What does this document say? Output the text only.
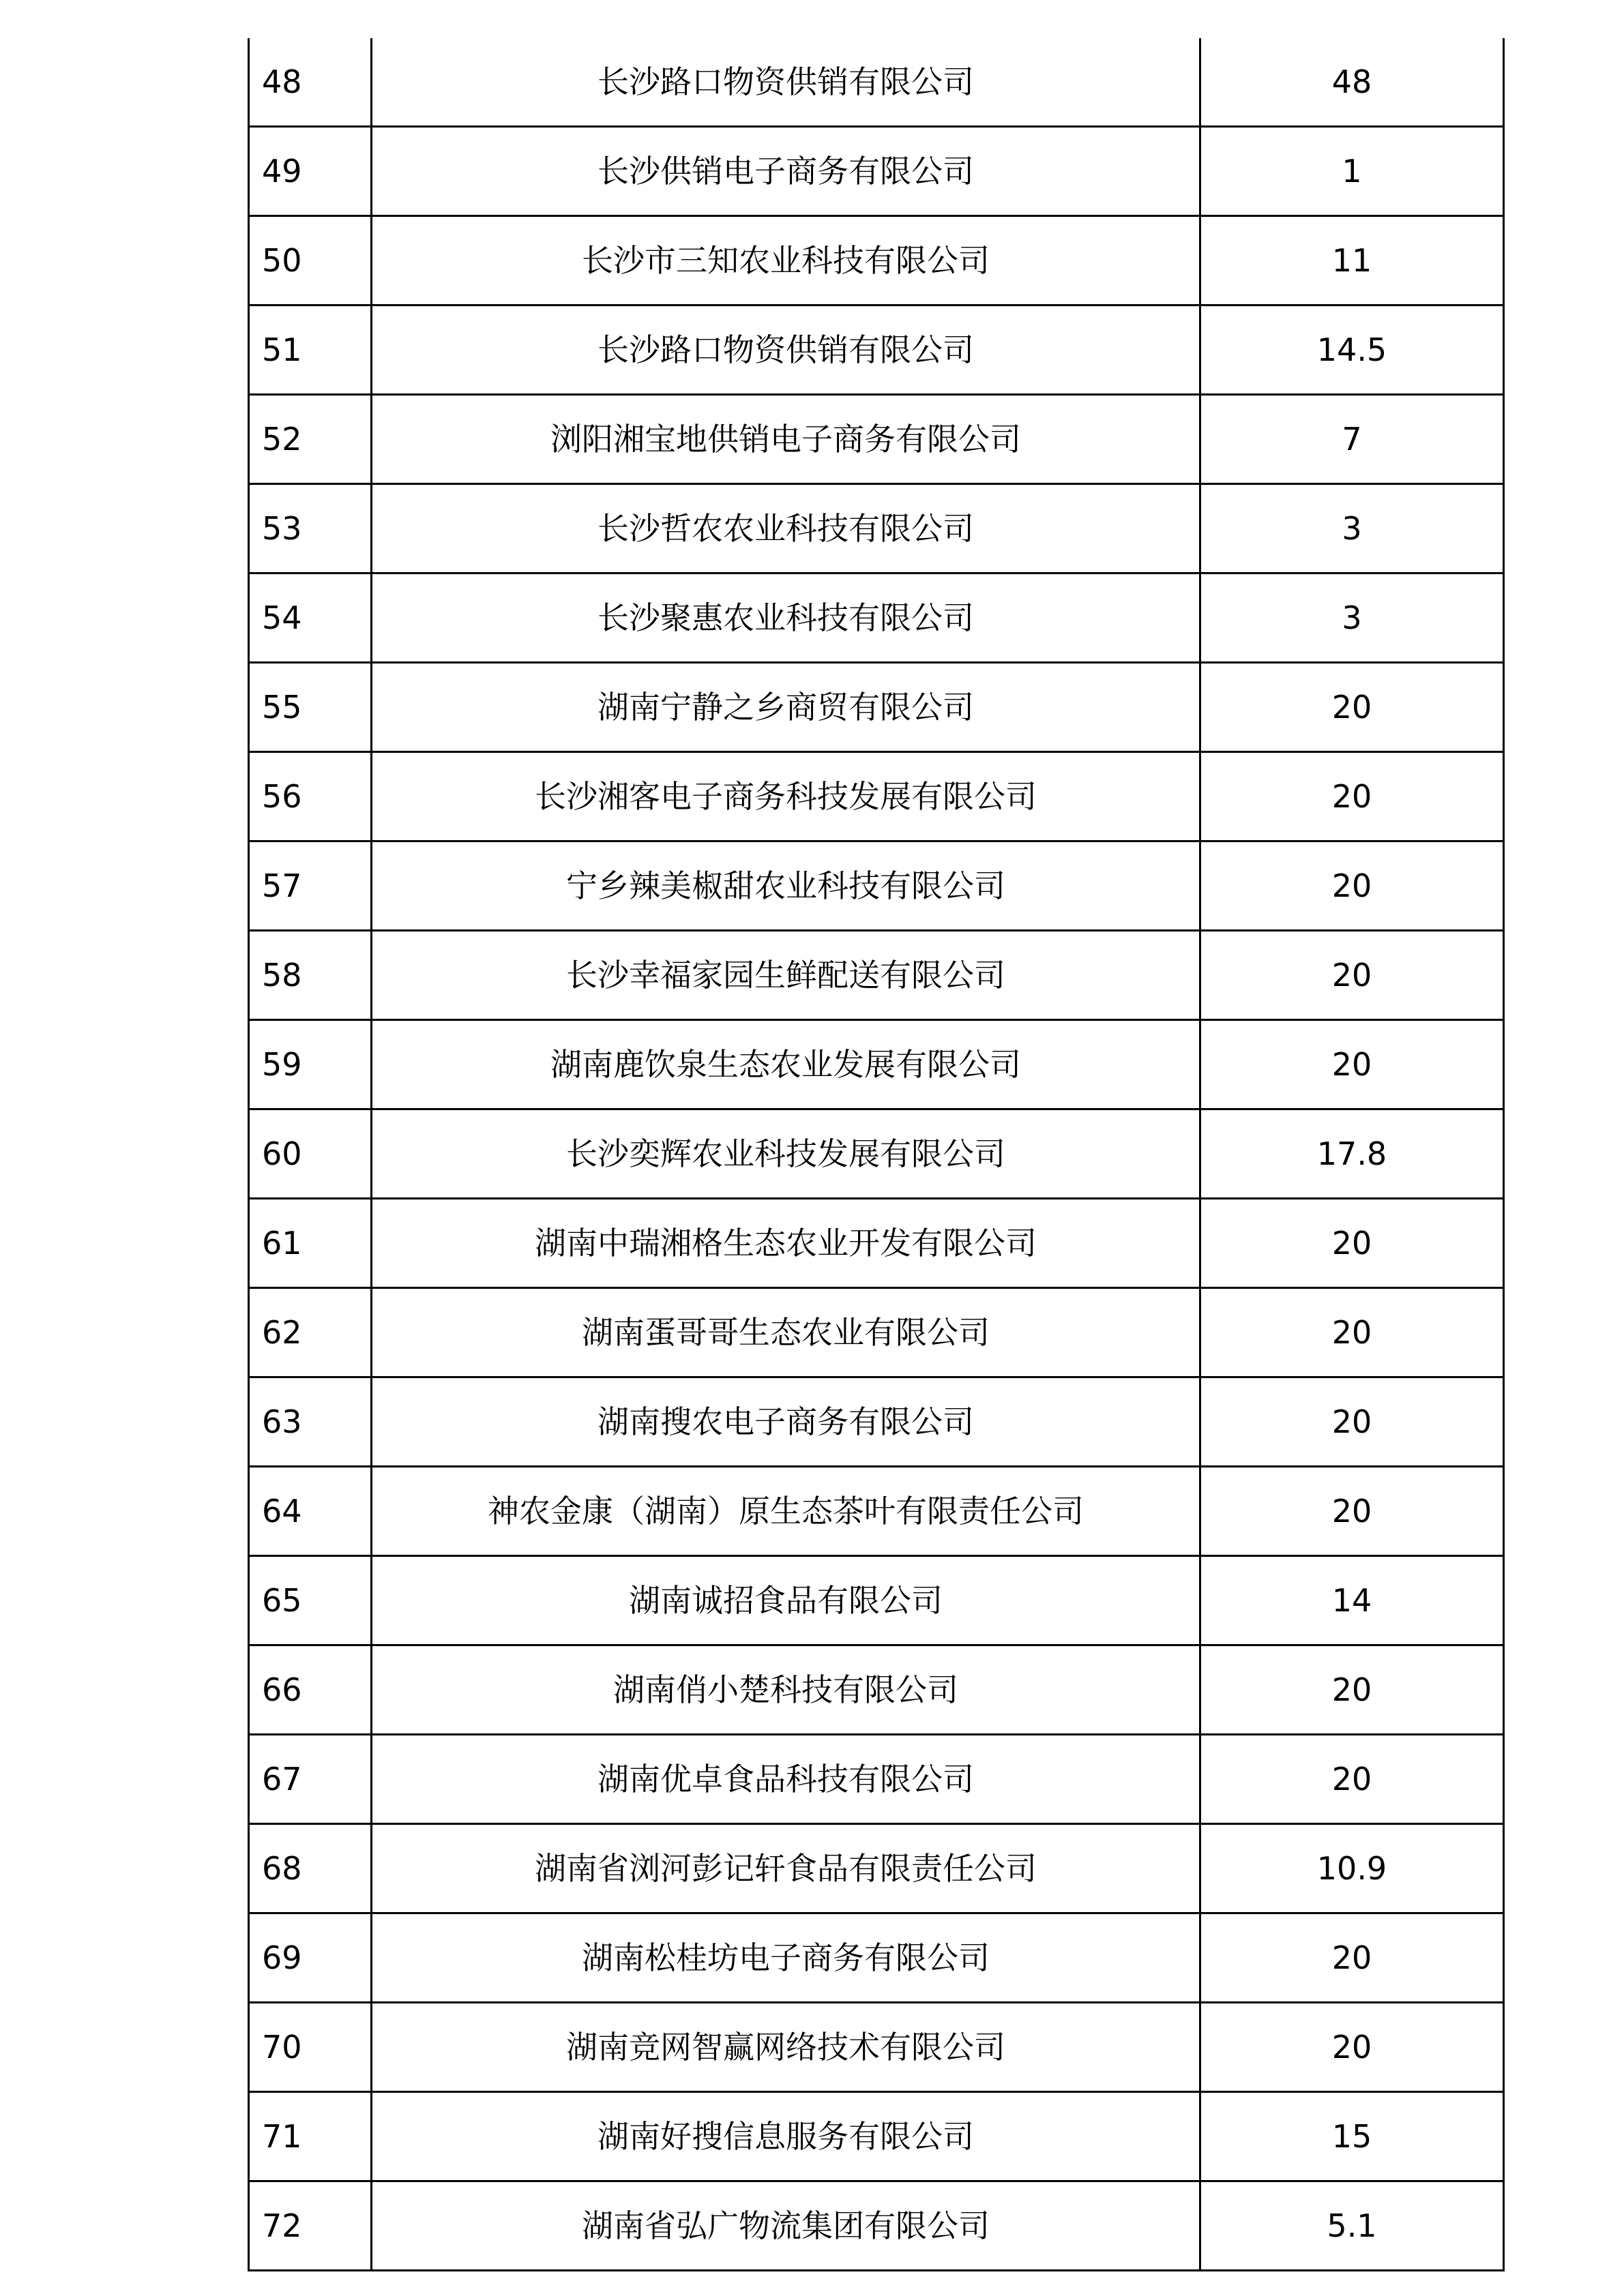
48	长沙路口物资供销有限公司	48
49	长沙供销电子商务有限公司	1
50	长沙市三知农业科技有限公司	11
51	长沙路口物资供销有限公司	14.5
52	浏阳湘宝地供销电子商务有限公司	7
53	长沙哲农农业科技有限公司	3
54	长沙聚惠农业科技有限公司	3
55	湖南宁静之乡商贸有限公司	20
56	长沙湘客电子商务科技发展有限公司	20
57	宁乡辣美椒甜农业科技有限公司	20
58	长沙幸福家园生鲜配送有限公司	20
59	湖南鹿饮泉生态农业发展有限公司	20
60	长沙奕辉农业科技发展有限公司	17.8
61	湖南中瑞湘格生态农业开发有限公司	20
62	湖南蛋哥哥生态农业有限公司	20
63	湖南搜农电子商务有限公司	20
64	神农金康（湖南）原生态茶叶有限责任公司	20
65	湖南诚招食品有限公司	14
66	湖南俏小楚科技有限公司	20
67	湖南优卓食品科技有限公司	20
68	湖南省浏河彭记轩食品有限责任公司	10.9
69	湖南松桂坊电子商务有限公司	20
70	湖南竞网智赢网络技术有限公司	20
71	湖南好搜信息服务有限公司	15
72	湖南省弘广物流集团有限公司	5.1
